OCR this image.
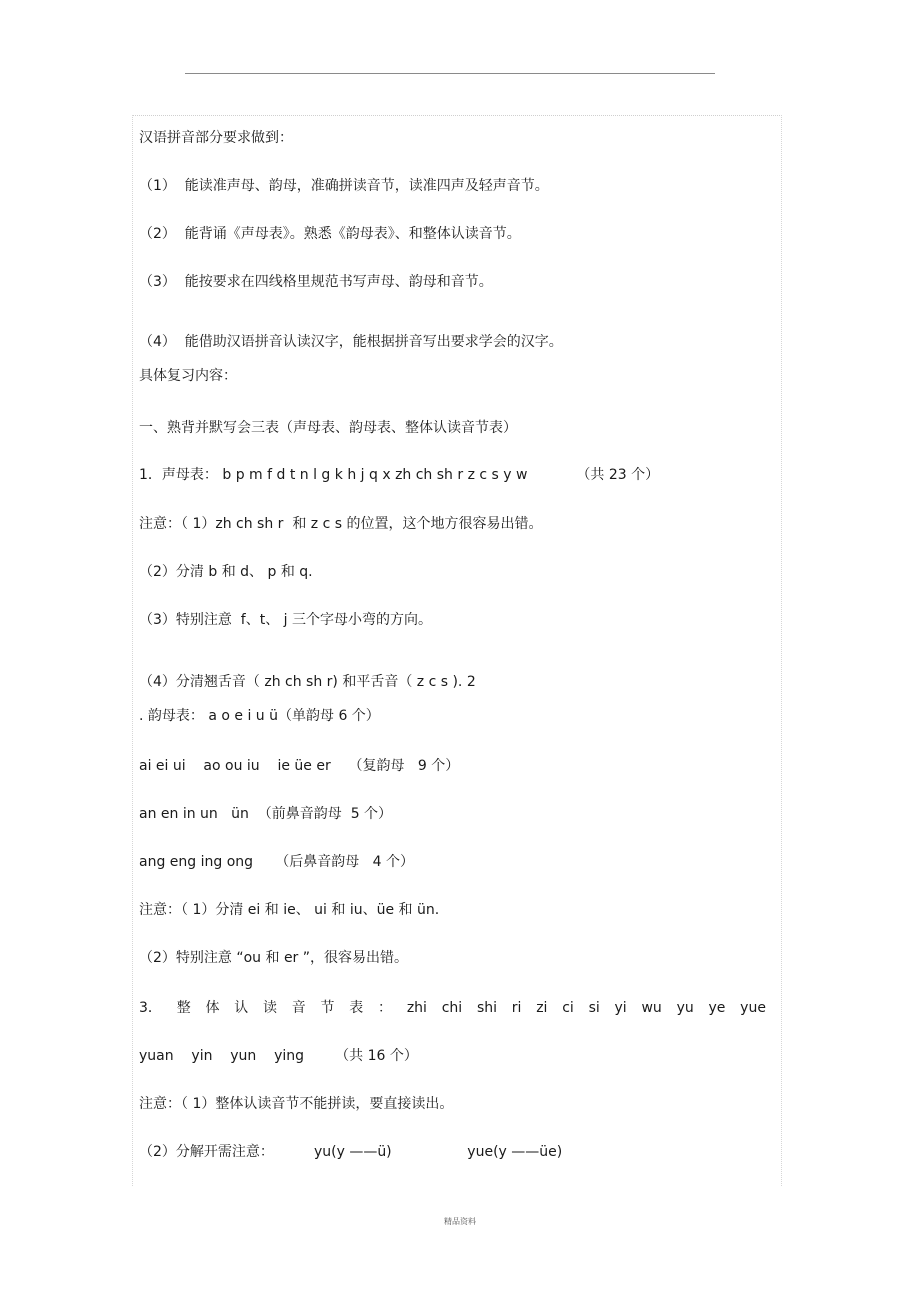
汉语拼音部分要求做到：
（1）  能读准声母、韵母，准确拼读音节，读准四声及轻声音节。
（2）  能背诵《声母表》。熟悉《韵母表》、和整体认读音节。
（3）  能按要求在四线格里规范书写声母、韵母和音节。
（4）  能借助汉语拼音认读汉字，能根据拼音写出要求学会的汉字。
具体复习内容：
一、熟背并默写会三表（声母表、韵母表、整体认读音节表）
1．声母表： b p m f d t n l g k h j q x zh ch sh r z c s y w           （共 23 个）
注意：（ 1）zh ch sh r  和 z c s 的位置，这个地方很容易出错。
（2）分清 b 和 d、 p 和 q.
（3）特别注意  f、t、 j 三个字母小弯的方向。
（4）分清翘舌音（ zh ch sh r) 和平舌音（ z c s ). 2
. 韵母表： a o e i u ü（单韵母 6 个）
ai ei ui    ao ou iu    ie üe er    （复韵母   9 个）
an en in un   ün  （前鼻音韵母  5 个）
ang eng ing ong     （后鼻音韵母   4 个）
注意：（ 1）分清 ei 和 ie、 ui 和 iu、üe 和 ün.
（2）特别注意 “ou 和 er ”，很容易出错。
3． 整 体 认 读 音 节 表 ： zhi chi shi ri zi ci si yi wu yu ye yue
yuan    yin    yun    ying       （共 16 个）
注意：（ 1）整体认读音节不能拼读，要直接读出。
（2）分解开需注意：         yu(y ——ü)                 yue(y ——üe)
精品资料
